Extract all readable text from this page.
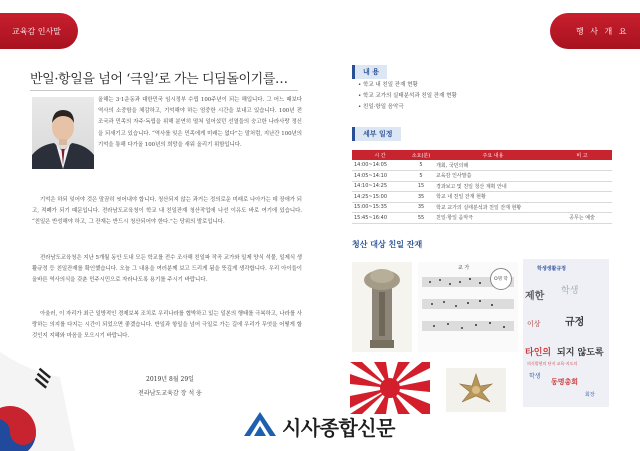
교육감 인사말	행 사 개 요
반일·항일을 넘어 ‘극일’로 가는 디딤돌이기를…
올해는 3·1운동과 대한민국 임시정부 수립 100주년이 되는 해입니다. 그 어느 때보다 역사의 소중함을 체감하고, 기억해야 하는 엄중한 시간을 보내고 있습니다. 100년 전 조국과 민족의 자주·독립을 위해 분연히 떨쳐 일어섰던 선열들의 숭고한 나라사랑 정신을 되새기고 있습니다. “역사를 잊은 민족에게 미래는 없다”는 말처럼, 지난간 100년의 기억을 통해 다가올 100년의 희망을 새워 올리기 위함입니다.
기억은 하되 잊어야 것은 말끔히 씻어내야 합니다. 청산되지 않는 과거는 정의로운 미래로 나아가는 데 장애가 되고, 적폐가 되기 때문입니다. 전라남도교육청이 학교 내 친일잔재 청산작업에 나선 이유도 바로 여기에 있습니다. “친일은 반성해야 하고, 그 잔재는 반드시 청산되어야 한다.”는 당위의 발로입니다.
전라남도교육청은 지난 5개월 동안 도내 모든 학교를 전수 조사해 친일파 작곡 교가와 일제 양식 석물, 일제식 생활규정 등 친일잔재를 확인했습니다. 오늘 그 내용을 여러분께 보고 드리게 됨을 뜻깊게 생각합니다. 우리 아이들이 올바른 역사의식을 갖춘 민주시민으로 자라나도록 용기를 주시기 바랍니다.
아울러, 이 자리가 최근 일방적인 경제보복 조치로 우리나라를 협박하고 있는 일본의 행태를 극복하고, 나라를 사랑하는 의지를 다지는 시간이 되었으면 좋겠습니다. 반일과 항일을 넘어 극일로 가는 길에 우리가 무엇을 어떻게 할 것인지 지혜와 마음을 모으시기 바랍니다.
2019년 8월 29일
전라남도교육감 장 석 웅
내 용
• 학교 내 친일 잔재 현황
• 학교 교가의 실태분석과 친일 잔재 현황
• 친일·항일 음악극
세부 일정
시 간	소요(분)	주요 내용	비 고
14:00~14:05	5	개회, 국민의례	
14:05~14:10	5	교육감 인사말씀	
14:10~14:25	15	경과보고 및 친일 청산 계획 안내	
14:25~15:00	35	학교 내 친일 잔재 현황	
15:00~15:35	35	학교 교가의 실태분석과 친일 잔재 현황	
15:45~16:40	55	친일·항일 음악극	공무는 예술
청산 대상 친일 잔재
교 가
O명 학
학생생활규정
제한 학생
규정
이상
타인의 되지 않도록
동명총회
학생
회장
의식발현의 단지 교육·지도의
시사종합신문
